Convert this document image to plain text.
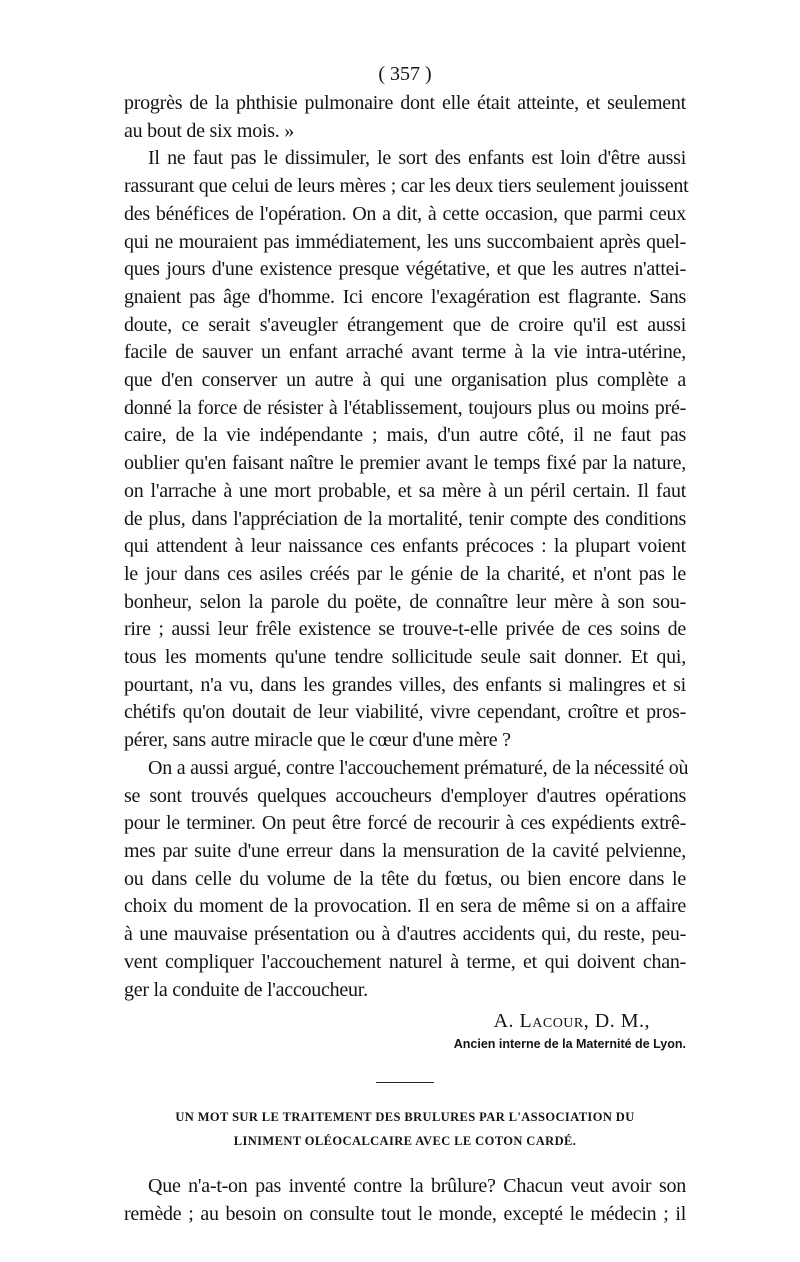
( 357 )

progrès de la phthisie pulmonaire dont elle était atteinte, et seulement
au bout de six mois. »

Il ne faut pas le dissimuler, le sort des enfants est loin d'être aussi
rassurant que celui de leurs mères ; car les deux tiers seulement jouissent
des bénéfices de l'opération. On a dit, à cette occasion, que parmi ceux
qui ne mouraient pas immédiatement, les uns succombaient après quel-
ques jours d'une existence presque végétative, et que les autres n'attei-
gnaient pas âge d'homme. Ici encore l'exagération est flagrante. Sans
doute, ce serait s'aveugler étrangement que de croire qu'il est aussi
facile de sauver un enfant arraché avant terme à la vie intra-utérine,
que d'en conserver un autre à qui une organisation plus complète a
donné la force de résister à l'établissement, toujours plus ou moins pré-
caire, de la vie indépendante ; mais, d'un autre côté, il ne faut pas
oublier qu'en faisant naître le premier avant le temps fixé par la nature,
on l'arrache à une mort probable, et sa mère à un péril certain. Il faut
de plus, dans l'appréciation de la mortalité, tenir compte des conditions
qui attendent à leur naissance ces enfants précoces : la plupart voient
le jour dans ces asiles créés par le génie de la charité, et n'ont pas le
bonheur, selon la parole du poëte, de connaître leur mère à son sou-
rire ; aussi leur frêle existence se trouve-t-elle privée de ces soins de
tous les moments qu'une tendre sollicitude seule sait donner. Et qui,
pourtant, n'a vu, dans les grandes villes, des enfants si malingres et si
chétifs qu'on doutait de leur viabilité, vivre cependant, croître et pros-
pérer, sans autre miracle que le cœur d'une mère ?

On a aussi argué, contre l'accouchement prématuré, de la nécessité où
se sont trouvés quelques accoucheurs d'employer d'autres opérations
pour le terminer. On peut être forcé de recourir à ces expédients extrê-
mes par suite d'une erreur dans la mensuration de la cavité pelvienne,
ou dans celle du volume de la tête du fœtus, ou bien encore dans le
choix du moment de la provocation. Il en sera de même si on a affaire
à une mauvaise présentation ou à d'autres accidents qui, du reste, peu-
vent compliquer l'accouchement naturel à terme, et qui doivent chan-
ger la conduite de l'accoucheur.

A. Lacour, D. M.,

Ancien interne de la Maternité de Lyon.

UN MOT SUR LE TRAITEMENT DES BRULURES PAR L'ASSOCIATION DU
LINIMENT OLÉOCALCAIRE AVEC LE COTON CARDÉ.

Que n'a-t-on pas inventé contre la brûlure? Chacun veut avoir son
remède ; au besoin on consulte tout le monde, excepté le médecin ; il
